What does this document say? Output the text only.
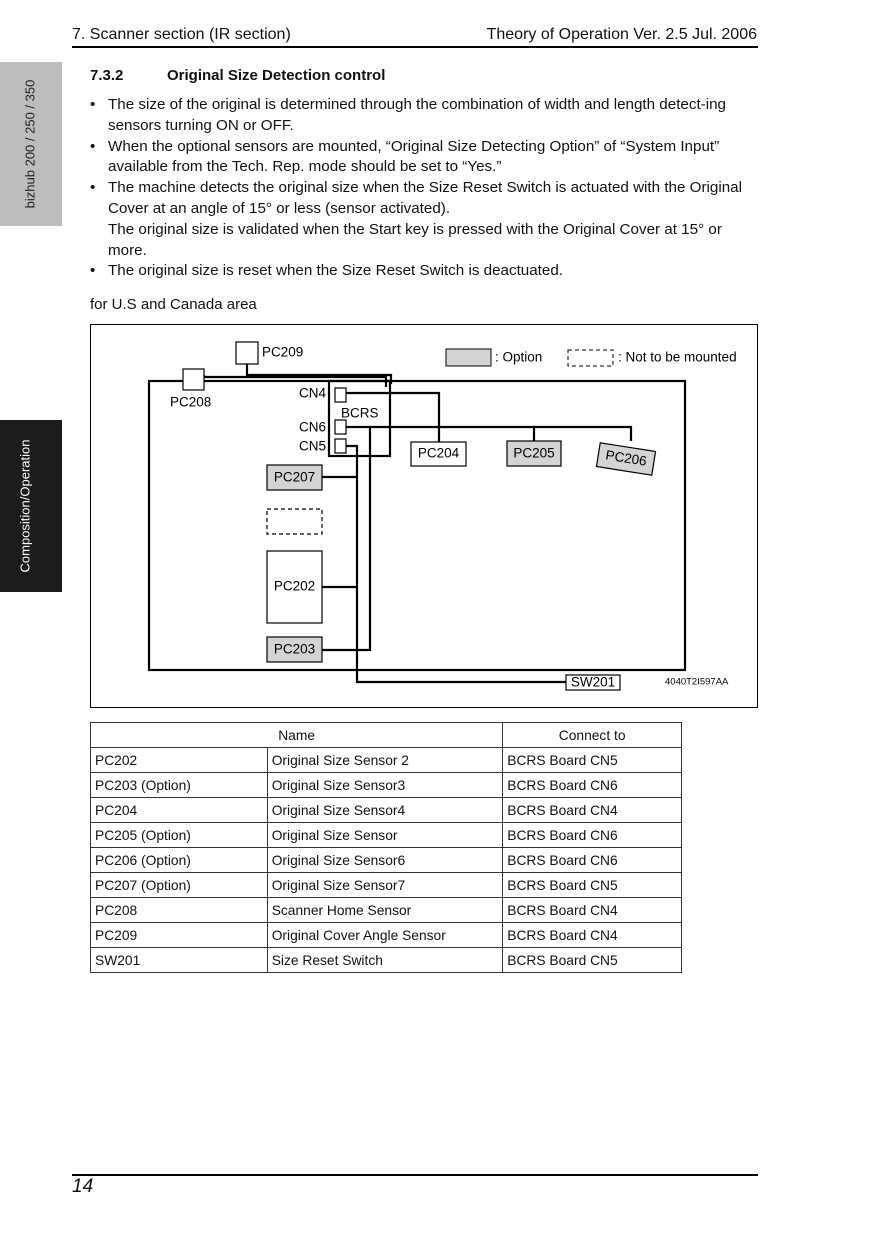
7. Scanner section (IR section)	Theory of Operation Ver. 2.5 Jul. 2006
bizhub 200 / 250 / 350
Composition/Operation
7.3.2	Original Size Detection control
• The size of the original is determined through the combination of width and length detect-ing sensors turning ON or OFF.
• When the optional sensors are mounted, “Original Size Detecting Option” of “System Input” available from the Tech. Rep. mode should be set to “Yes.”
• The machine detects the original size when the Size Reset Switch is actuated with the Original Cover at an angle of 15° or less (sensor activated).
The original size is validated when the Start key is pressed with the Original Cover at 15° or more.
• The original size is reset when the Size Reset Switch is deactuated.
for U.S and Canada area
: Option	: Not to be mounted
BCRS
CN4
CN6
CN5
PC209
PC208
PC204	PC205	PC206
PC207
PC202
PC203
SW201	4040T2I597AA
Name		Connect to
PC202	Original Size Sensor 2	BCRS Board CN5
PC203 (Option)	Original Size Sensor3	BCRS Board CN6
PC204	Original Size Sensor4	BCRS Board CN4
PC205 (Option)	Original Size Sensor	BCRS Board CN6
PC206 (Option)	Original Size Sensor6	BCRS Board CN6
PC207 (Option)	Original Size Sensor7	BCRS Board CN5
PC208	Scanner Home Sensor	BCRS Board CN4
PC209	Original Cover Angle Sensor	BCRS Board CN4
SW201	Size Reset Switch	BCRS Board CN5
14
